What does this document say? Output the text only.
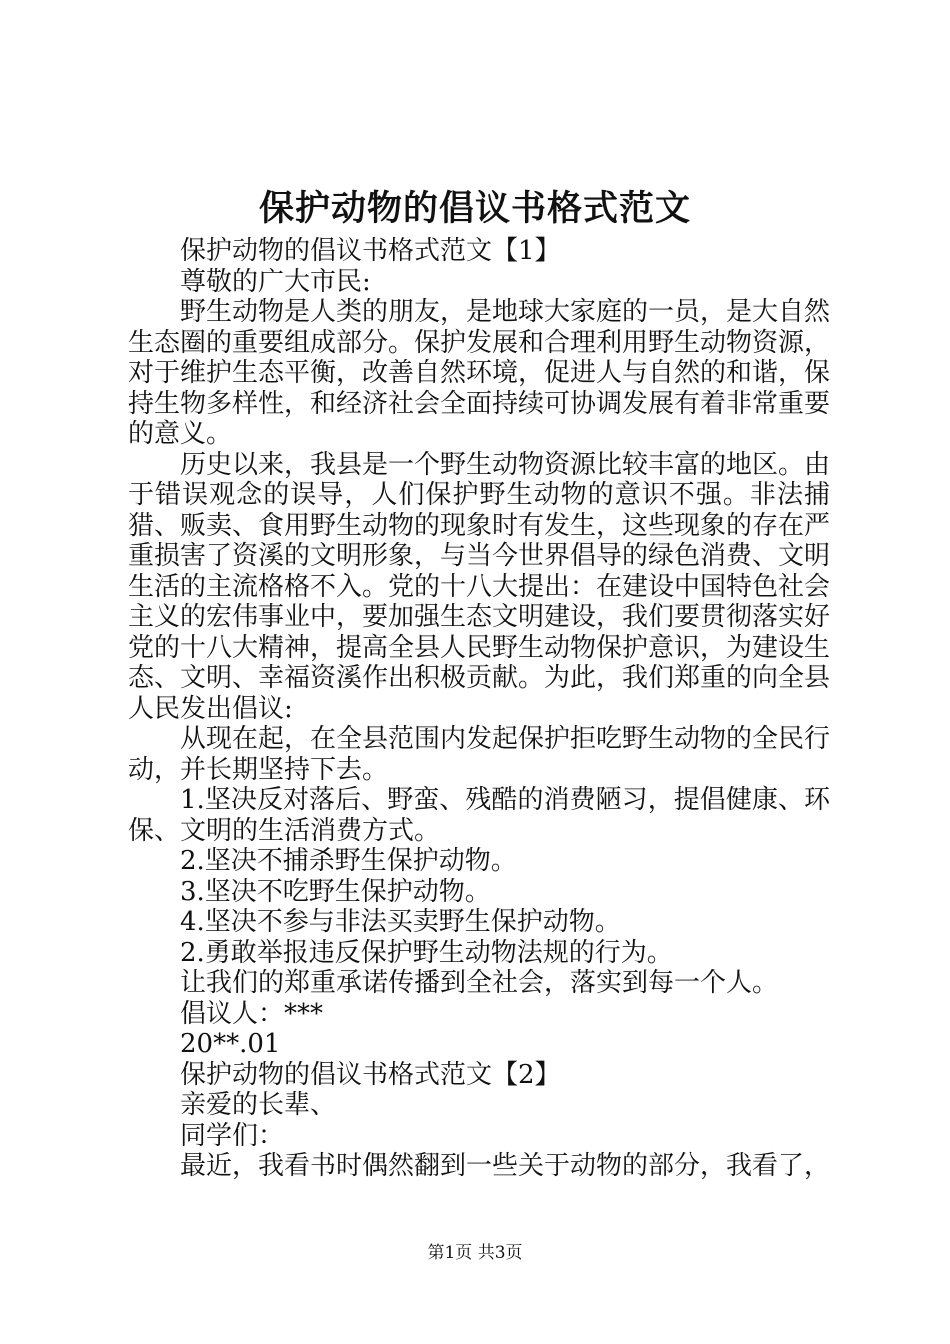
保护动物的倡议书格式范文

保护动物的倡议书格式范文【1】

尊敬的广大市民:

野生动物是人类的朋友，是地球大家庭的一员，是大自然生态圈的重要组成部分。保护发展和合理利用野生动物资源，对于维护生态平衡，改善自然环境，促进人与自然的和谐，保持生物多样性，和经济社会全面持续可协调发展有着非常重要的意义。

历史以来，我县是一个野生动物资源比较丰富的地区。由于错误观念的误导，人们保护野生动物的意识不强。非法捕猎、贩卖、食用野生动物的现象时有发生，这些现象的存在严重损害了资溪的文明形象，与当今世界倡导的绿色消费、文明生活的主流格格不入。党的十八大提出：在建设中国特色社会主义的宏伟事业中，要加强生态文明建设，我们要贯彻落实好党的十八大精神，提高全县人民野生动物保护意识，为建设生态、文明、幸福资溪作出积极贡献。为此，我们郑重的向全县人民发出倡议:

从现在起，在全县范围内发起保护拒吃野生动物的全民行动，并长期坚持下去。

1.坚决反对落后、野蛮、残酷的消费陋习，提倡健康、环保、文明的生活消费方式。

2.坚决不捕杀野生保护动物。

3.坚决不吃野生保护动物。

4.坚决不参与非法买卖野生保护动物。

2.勇敢举报违反保护野生动物法规的行为。

让我们的郑重承诺传播到全社会，落实到每一个人。

倡议人：***

20**.01

保护动物的倡议书格式范文【2】

亲爱的长辈、

同学们：

最近，我看书时偶然翻到一些关于动物的部分，我看了，

第1页 共3页
